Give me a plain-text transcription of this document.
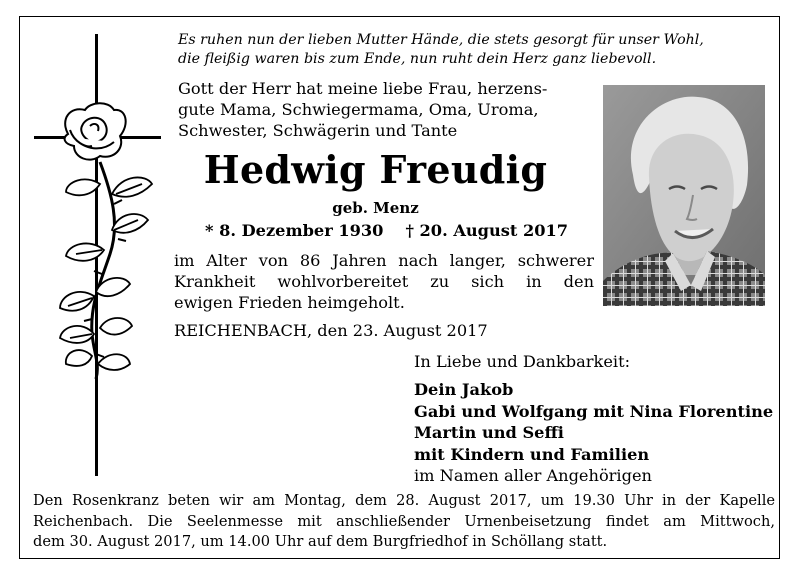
Es ruhen nun der lieben Mutter Hände, die stets gesorgt für unser Wohl,
die fleißig waren bis zum Ende, nun ruht dein Herz ganz liebevoll.
Gott der Herr hat meine liebe Frau, herzens-
gute Mama, Schwiegermama, Oma, Uroma,
Schwester, Schwägerin und Tante
Hedwig Freudig
geb. Menz
* 8. Dezember 1930 † 20. August 2017
im Alter von 86 Jahren nach langer, schwerer
Krankheit wohlvorbereitet zu sich in den
ewigen Frieden heimgeholt.
REICHENBACH, den 23. August 2017
In Liebe und Dankbarkeit:
Dein Jakob
Gabi und Wolfgang mit Nina Florentine
Martin und Seffi
mit Kindern und Familien
im Namen aller Angehörigen
Den Rosenkranz beten wir am Montag, dem 28. August 2017, um 19.30 Uhr in der Kapelle
Reichenbach. Die Seelenmesse mit anschließender Urnenbeisetzung findet am Mittwoch,
dem 30. August 2017, um 14.00 Uhr auf dem Burgfriedhof in Schöllang statt.
